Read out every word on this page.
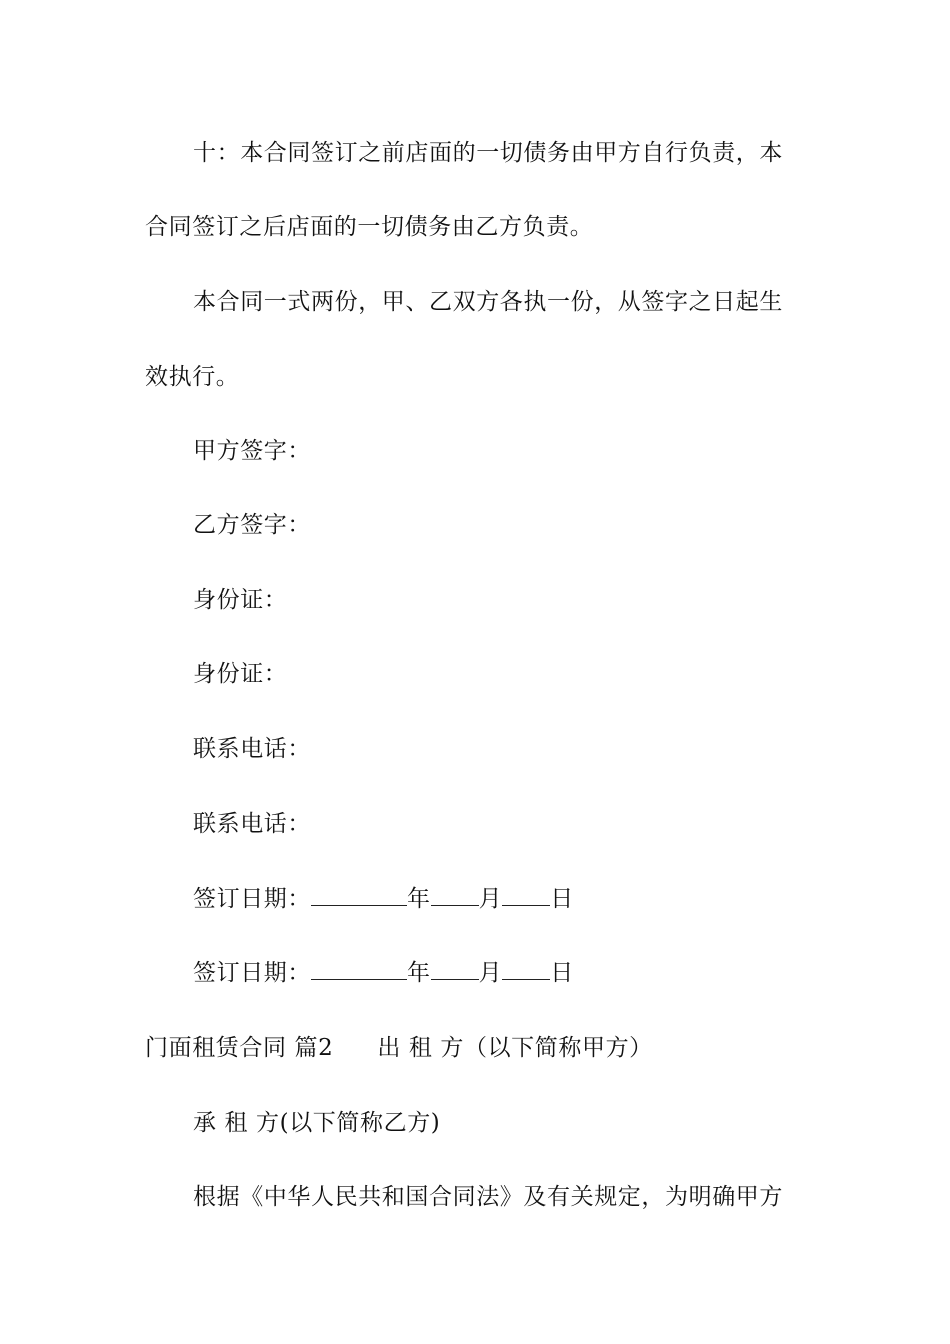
十：本合同签订之前店面的一切债务由甲方自行负责，本
合同签订之后店面的一切债务由乙方负责。
本合同一式两份，甲、乙双方各执一份，从签字之日起生
效执行。
甲方签字：
乙方签字：
身份证：
身份证：
联系电话：
联系电话：
签订日期：	年 月 日
签订日期：	年 月 日
门面租赁合同 篇2 出 租 方（以下简称甲方）
承 租 方(以下简称乙方)
根据《中华人民共和国合同法》及有关规定，为明确甲方
